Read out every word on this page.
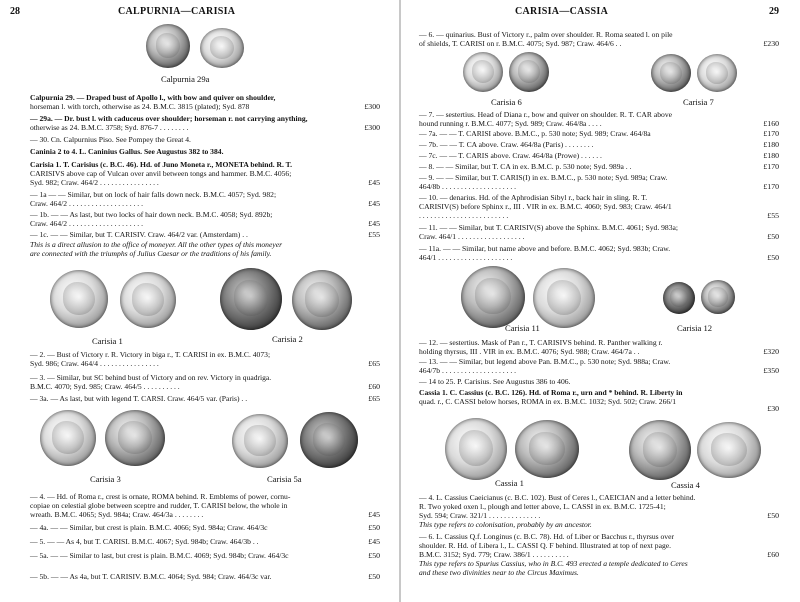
28	CALPURNIA—CARISIA
Calpurnia 29a
Calpurnia 29. — Draped bust of Apollo l., with bow and quiver on shoulder,
horseman l. with torch, otherwise as 24. B.M.C. 3815 (plated); Syd. 878	£300
— 29a. — Dr. bust l. with caduceus over shoulder; horseman r. not carrying anything,
otherwise as 24. B.M.C. 3758; Syd. 876-7 . . . . . . . .	£300
— 30. Cn. Calpurnius Piso. See Pompey the Great 4.
Caninia 2 to 4. L. Caninius Gallus. See Augustus 382 to 384.
Carisia 1. T. Carisius (c. B.C. 46). Hd. of Juno Moneta r., MONETA behind. R. T.
CARISIVS above cap of Vulcan over anvil between tongs and hammer. B.M.C. 4056;
Syd. 982; Craw. 464/2 . . . . . . . . . . . . . . . .	£45
— 1a — — Similar, but on lock of hair falls down neck. B.M.C. 4057; Syd. 982;
Craw. 464/2 . . . . . . . . . . . . . . . . . . . .	£45
— 1b. — — As last, but two locks of hair down neck. B.M.C. 4058; Syd. 892b;
Craw. 464/2 . . . . . . . . . . . . . . . . . . . .	£45
— 1c. — — Similar, but T. CARISIV. Craw. 464/2 var. (Amsterdam) . .	£55
This is a direct allusion to the office of moneyer. All the other types of this moneyer
are connected with the triumphs of Julius Caesar or the traditions of his family.
Carisia 1	Carisia 2
— 2. — Bust of Victory r. R. Victory in biga r., T. CARISI in ex. B.M.C. 4073;
Syd. 986; Craw. 464/4 . . . . . . . . . . . . . . . .	£65
— 3. — Similar, but SC behind bust of Victory and on rev. Victory in quadriga.
B.M.C. 4070; Syd. 985; Craw. 464/5 . . . . . . . . . .	£60
— 3a. — As last, but with legend T. CARSI. Craw. 464/5 var. (Paris) . .	£65
Carisia 3	Carisia 5a
— 4. — Hd. of Roma r., crest is ornate, ROMA behind. R. Emblems of power, cornu-
copiae on celestial globe between sceptre and rudder, T. CARISI below, the whole in
wreath. B.M.C. 4065; Syd. 984a; Craw. 464/3a . . . . . . . .	£45
— 4a. — — Similar, but crest is plain. B.M.C. 4066; Syd. 984a; Craw. 464/3c	£50
— 5. — — As 4, but T. CARISI. B.M.C. 4067; Syd. 984b; Craw. 464/3b . .	£45
— 5a. — — Similar to last, but crest is plain. B.M.C. 4069; Syd. 984b; Craw. 464/3c	£50
— 5b. — — As 4a, but T. CARISIV. B.M.C. 4064; Syd. 984; Craw. 464/3c var.	£50
CARISIA—CASSIA	29
— 6. — quinarius. Bust of Victory r., palm over shoulder. R. Roma seated l. on pile
of shields, T. CARISI on r. B.M.C. 4075; Syd. 987; Craw. 464/6 . .	£230
Carisia 6	Carisia 7
— 7. — sestertius. Head of Diana r., bow and quiver on shoulder. R. T. CAR above
hound running r. B.M.C. 4077; Syd. 989; Craw. 464/8a . . . .	£160
— 7a. — — T. CARISI above. B.M.C., p. 530 note; Syd. 989; Craw. 464/8a	£170
— 7b. — — T. CA above. Craw. 464/8a (Paris) . . . . . . . .	£180
— 7c. — — T. CARIS above. Craw. 464/8a (Prowe) . . . . . .	£180
— 8. — — Similar, but T. CA in ex. B.M.C. p. 530 note; Syd. 989a . .	£170
— 9. — — Similar, but T. CARIS(I) in ex. B.M.C., p. 530 note; Syd. 989a; Craw.
464/8b . . . . . . . . . . . . . . . . . . . .	£170
— 10. — denarius. Hd. of the Aphrodisian Sibyl r., back hair in sling. R. T.
CARISIV(S) before Sphinx r., III . VIR in ex. B.M.C. 4060; Syd. 983; Craw. 464/1
. . . . . . . . . . . . . . . . . . . . . . . .	£55
— 11. — — Similar, but T. CARISIV(S) above the Sphinx. B.M.C. 4061; Syd. 983a;
Craw. 464/1 . . . . . . . . . . . . . . . . . .	£50
— 11a. — — Similar, but name above and before. B.M.C. 4062; Syd. 983b; Craw.
464/1 . . . . . . . . . . . . . . . . . . . .	£50
Carisia 11	Carisia 12
— 12. — sestertius. Mask of Pan r., T. CARISIVS behind. R. Panther walking r.
holding thyrsus, III . VIR in ex. B.M.C. 4076; Syd. 988; Craw. 464/7a . .	£320
— 13. — — Similar, but legend above Pan. B.M.C., p. 530 note; Syd. 988a; Craw.
464/7b . . . . . . . . . . . . . . . . . . . .	£350
— 14 to 25. P. Carisius. See Augustus 386 to 406.
Cassia 1. C. Cassius (c. B.C. 126). Hd. of Roma r., urn and * behind. R. Liberty in
quad. r., C. CASSI below horses, ROMA in ex. B.M.C. 1032; Syd. 502; Craw. 266/1
£30
Cassia 1	Cassia 4
— 4. L. Cassius Caeicianus (c. B.C. 102). Bust of Ceres l., CAEICIAN and a letter behind.
R. Two yoked oxen l., plough and letter above, L. CASSI in ex. B.M.C. 1725-41;
Syd. 594; Craw. 321/1 . . . . . . . . . . . . . .	£50
This type refers to colonisation, probably by an ancestor.
— 6. L. Cassius Q.f. Longinus (c. B.C. 78). Hd. of Liber or Bacchus r., thyrsus over
shoulder. R. Hd. of Libera l., L. CASSI Q. F behind. Illustrated at top of next page.
B.M.C. 3152; Syd. 779; Craw. 386/1 . . . . . . . . . .	£60
This type refers to Spurius Cassius, who in B.C. 493 erected a temple dedicated to Ceres
and these two divinities near to the Circus Maximus.
